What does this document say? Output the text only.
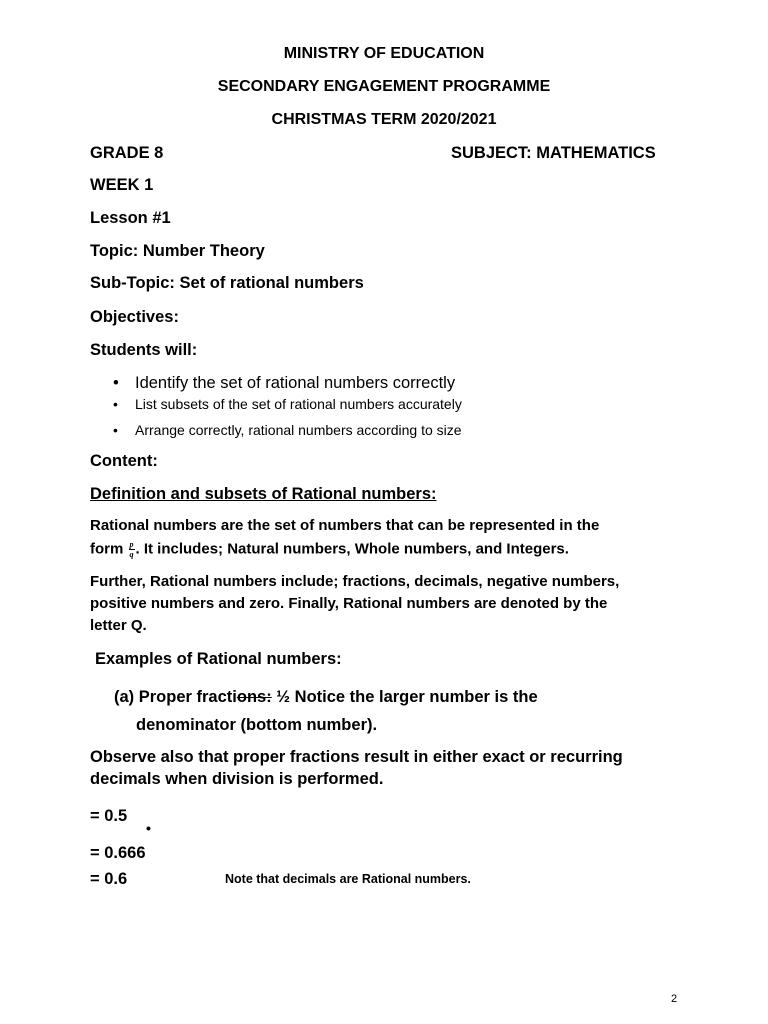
MINISTRY OF EDUCATION
SECONDARY ENGAGEMENT PROGRAMME
CHRISTMAS TERM 2020/2021
GRADE 8	SUBJECT: MATHEMATICS
WEEK 1
Lesson #1
Topic: Number Theory
Sub-Topic: Set of rational numbers
Objectives:
Students will:
• Identify the set of rational numbers correctly
• List subsets of the set of rational numbers accurately
• Arrange correctly, rational numbers according to size
Content:
Definition and subsets of Rational numbers:
Rational numbers are the set of numbers that can be represented in the
form $\frac{p}{q}$ . It includes; Natural numbers, Whole numbers, and Integers.
Further, Rational numbers include; fractions, decimals, negative numbers,
positive numbers and zero. Finally, Rational numbers are denoted by the
letter Q.
Examples of Rational numbers:
(a) Proper fractions: ½ Notice the larger number is the
denominator (bottom number).
Observe also that proper fractions result in either exact or recurring
decimals when division is performed.
= 0.5
•
= 0.666
= 0.6	Note that decimals are Rational numbers.
2
